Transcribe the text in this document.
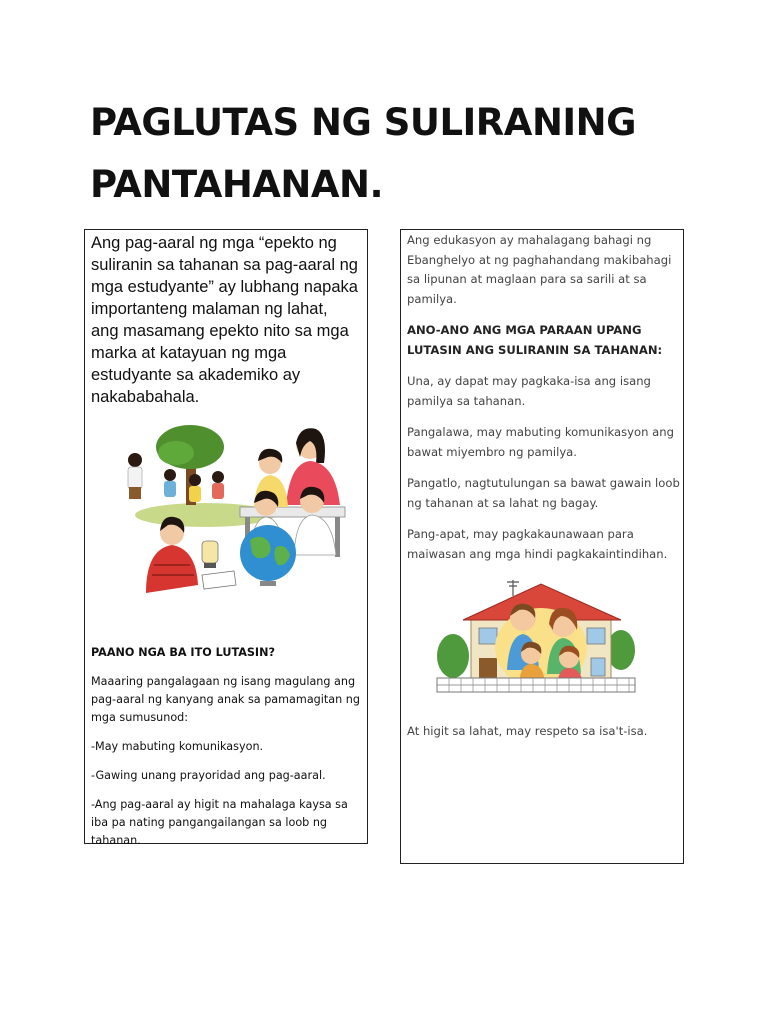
PAGLUTAS NG SULIRANING
PANTAHANAN.

Ang pag-aaral ng mga “epekto ng suliranin sa tahanan sa pag-aaral ng mga estudyante” ay lubhang napaka importanteng malaman ng lahat, ang masamang epekto nito sa mga marka at katayuan ng mga estudyante sa akademiko ay nakababahala.

PAANO NGA BA ITO LUTASIN?

Maaaring pangalagaan ng isang magulang ang pag-aaral ng kanyang anak sa pamamagitan ng mga sumusunod:

-May mabuting komunikasyon.

-Gawing unang prayoridad ang pag-aaral.

-Ang pag-aaral ay higit na mahalaga kaysa sa iba pa nating pangangailangan sa loob ng tahanan.

Ang edukasyon ay mahalagang bahagi ng Ebanghelyo at ng paghahandang makibahagi sa lipunan at maglaan para sa sarili at sa pamilya.

ANO-ANO ANG MGA PARAAN UPANG LUTASIN ANG SULIRANIN SA TAHANAN:

Una, ay dapat may pagkaka-isa ang isang pamilya sa tahanan.

Pangalawa, may mabuting komunikasyon ang bawat miyembro ng pamilya.

Pangatlo, nagtutulungan sa bawat gawain loob ng tahanan at sa lahat ng bagay.

Pang-apat, may pagkakaunawaan para maiwasan ang mga hindi pagkakaintindihan.

At higit sa lahat, may respeto sa isa't-isa.
